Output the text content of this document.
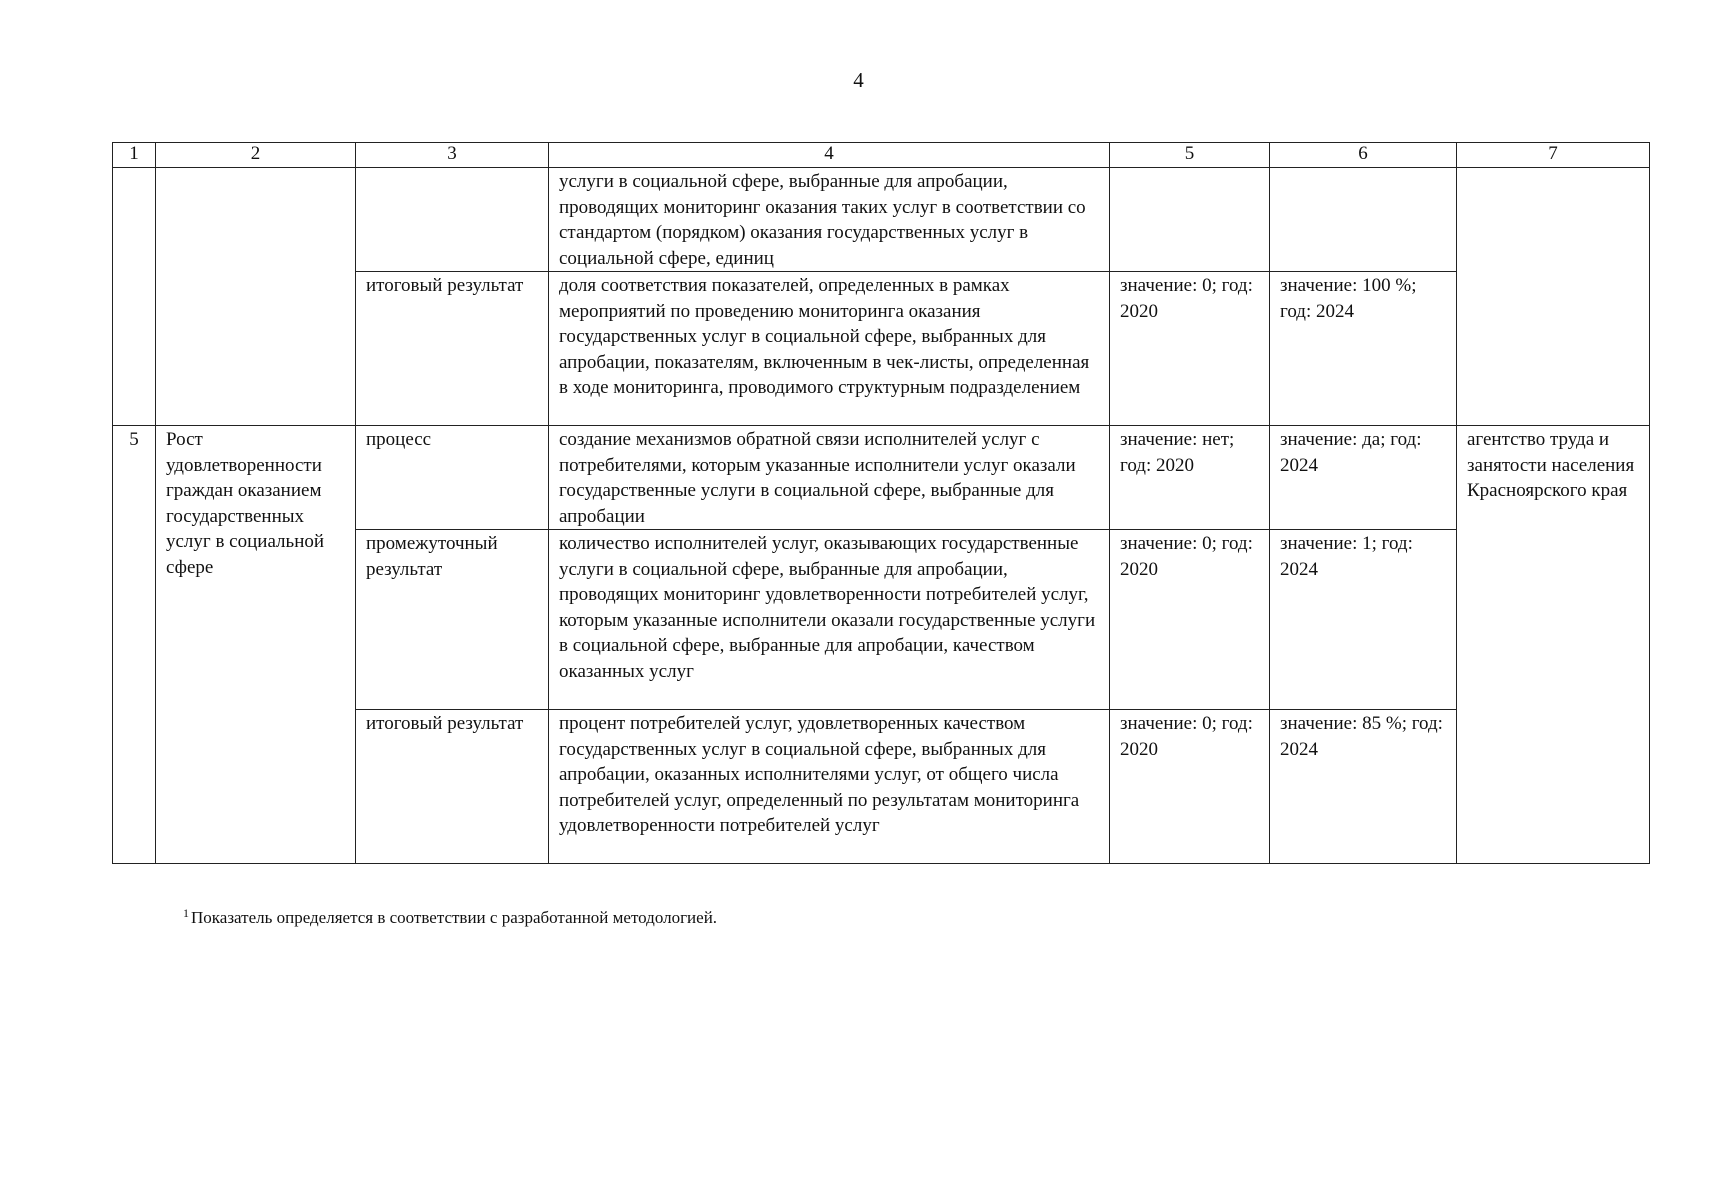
4
1	2	3	4	5	6	7
			услуги в социальной сфере, выбранные для апробации, проводящих мониторинг оказания таких услуг в соответствии со стандартом (порядком) оказания государственных услуг в социальной сфере, единиц			
		итоговый результат	доля соответствия показателей, определенных в рамках мероприятий по проведению мониторинга оказания государственных услуг в социальной сфере, выбранных для апробации, показателям, включенным в чек-листы, определенная в ходе мониторинга, проводимого структурным подразделением	значение: 0; год: 2020	значение: 100 %; год: 2024	
5	Рост удовлетворенности граждан оказанием государственных услуг в социальной сфере	процесс	создание механизмов обратной связи исполнителей услуг с потребителями, которым указанные исполнители услуг оказали государственные услуги в социальной сфере, выбранные для апробации	значение: нет; год: 2020	значение: да; год: 2024	агентство труда и занятости населения Красноярского края
		промежуточный результат	количество исполнителей услуг, оказывающих государственные услуги в социальной сфере, выбранные для апробации, проводящих мониторинг удовлетворенности потребителей услуг, которым указанные исполнители оказали государственные услуги в социальной сфере, выбранные для апробации, качеством оказанных услуг	значение: 0; год: 2020	значение: 1; год: 2024	
		итоговый результат	процент потребителей услуг, удовлетворенных качеством государственных услуг в социальной сфере, выбранных для апробации, оказанных исполнителями услуг, от общего числа потребителей услуг, определенный по результатам мониторинга удовлетворенности потребителей услуг	значение: 0; год: 2020	значение: 85 %; год: 2024	
$^1$ Показатель определяется в соответствии с разработанной методологией.
